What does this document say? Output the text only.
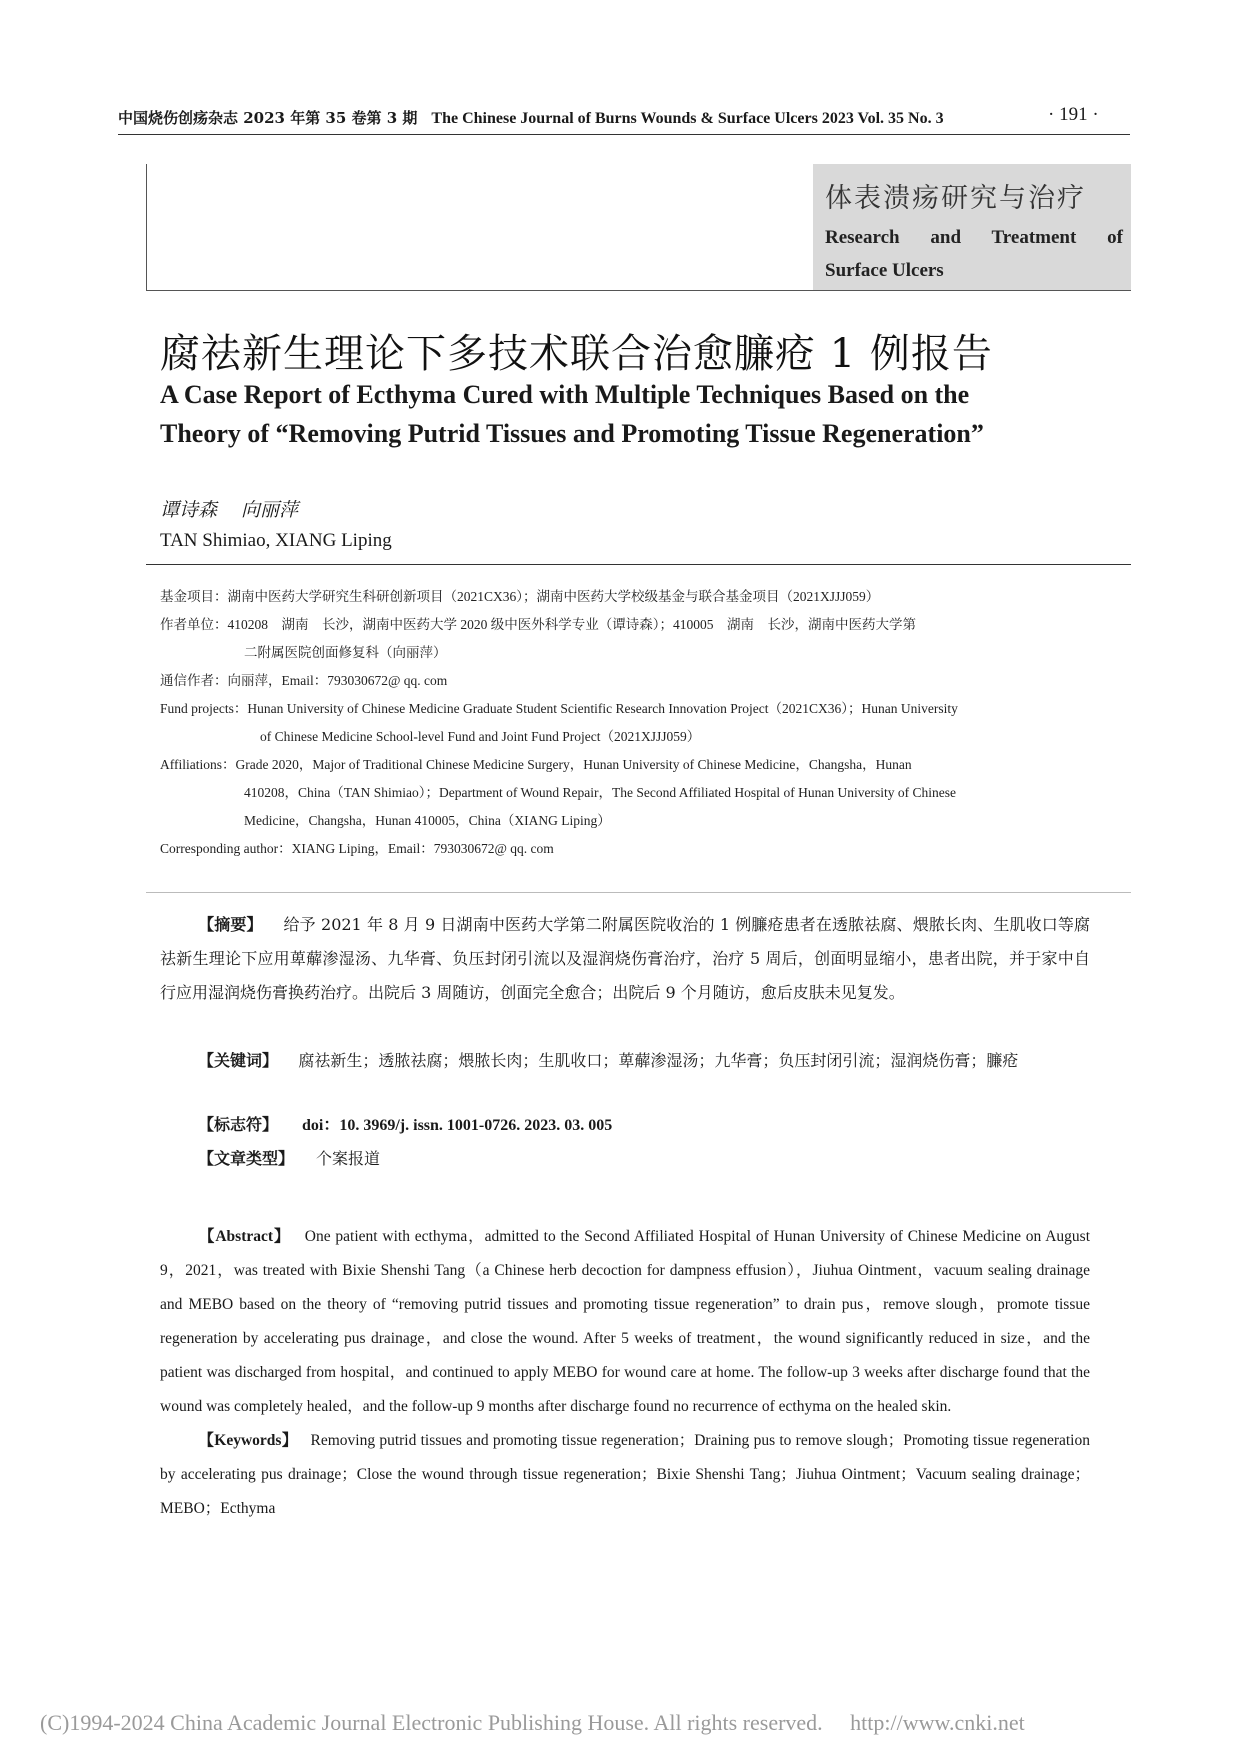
中国烧伤创疡杂志 2023 年第 35 卷第 3 期 The Chinese Journal of Burns Wounds & Surface Ulcers 2023 Vol. 35 No. 3	· 191 ·
体表溃疡研究与治疗
Research and Treatment of
Surface Ulcers
腐祛新生理论下多技术联合治愈臁疮 1 例报告
A Case Report of Ecthyma Cured with Multiple Techniques Based on the
Theory of “Removing Putrid Tissues and Promoting Tissue Regeneration”
谭诗森 向丽萍
TAN Shimiao, XIANG Liping
基金项目：湖南中医药大学研究生科研创新项目（2021CX36）；湖南中医药大学校级基金与联合基金项目（2021XJJJ059）
作者单位：410208　湖南　长沙，湖南中医药大学 2020 级中医外科学专业（谭诗森）；410005　湖南　长沙，湖南中医药大学第
二附属医院创面修复科（向丽萍）
通信作者：向丽萍，Email：793030672@ qq. com
Fund projects：Hunan University of Chinese Medicine Graduate Student Scientific Research Innovation Project（2021CX36）；Hunan University
of Chinese Medicine School-level Fund and Joint Fund Project（2021XJJJ059）
Affiliations：Grade 2020，Major of Traditional Chinese Medicine Surgery，Hunan University of Chinese Medicine，Changsha，Hunan
410208，China（TAN Shimiao）；Department of Wound Repair，The Second Affiliated Hospital of Hunan University of Chinese
Medicine，Changsha，Hunan 410005，China（XIANG Liping）
Corresponding author：XIANG Liping，Email：793030672@ qq. com
【摘要】 给予 2021 年 8 月 9 日湖南中医药大学第二附属医院收治的 1 例臁疮患者在透脓祛腐、煨脓长肉、生肌收口等腐祛新生理论下应用萆薢渗湿汤、九华膏、负压封闭引流以及湿润烧伤膏治疗，治疗 5 周后，创面明显缩小，患者出院，并于家中自行应用湿润烧伤膏换药治疗。出院后 3 周随访，创面完全愈合；出院后 9 个月随访，愈后皮肤未见复发。
【关键词】 腐祛新生；透脓祛腐；煨脓长肉；生肌收口；萆薢渗湿汤；九华膏；负压封闭引流；湿润烧伤膏；臁疮
【标志符】 doi：10. 3969/j. issn. 1001-0726. 2023. 03. 005
【文章类型】 个案报道
【Abstract】 One patient with ecthyma，admitted to the Second Affiliated Hospital of Hunan University of Chinese Medicine on August 9，2021，was treated with Bixie Shenshi Tang（a Chinese herb decoction for dampness effusion），Jiuhua Ointment，vacuum sealing drainage and MEBO based on the theory of “removing putrid tissues and promoting tissue regeneration” to drain pus，remove slough，promote tissue regeneration by accelerating pus drainage，and close the wound. After 5 weeks of treatment，the wound significantly reduced in size，and the patient was discharged from hospital，and continued to apply MEBO for wound care at home. The follow-up 3 weeks after discharge found that the wound was completely healed，and the follow-up 9 months after discharge found no recurrence of ecthyma on the healed skin.
【Keywords】 Removing putrid tissues and promoting tissue regeneration；Draining pus to remove slough；Promoting tissue regeneration by accelerating pus drainage；Close the wound through tissue regeneration；Bixie Shenshi Tang；Jiuhua Ointment；Vacuum sealing drainage；MEBO；Ecthyma
(C)1994-2024 China Academic Journal Electronic Publishing House. All rights reserved.　 http://www.cnki.net
